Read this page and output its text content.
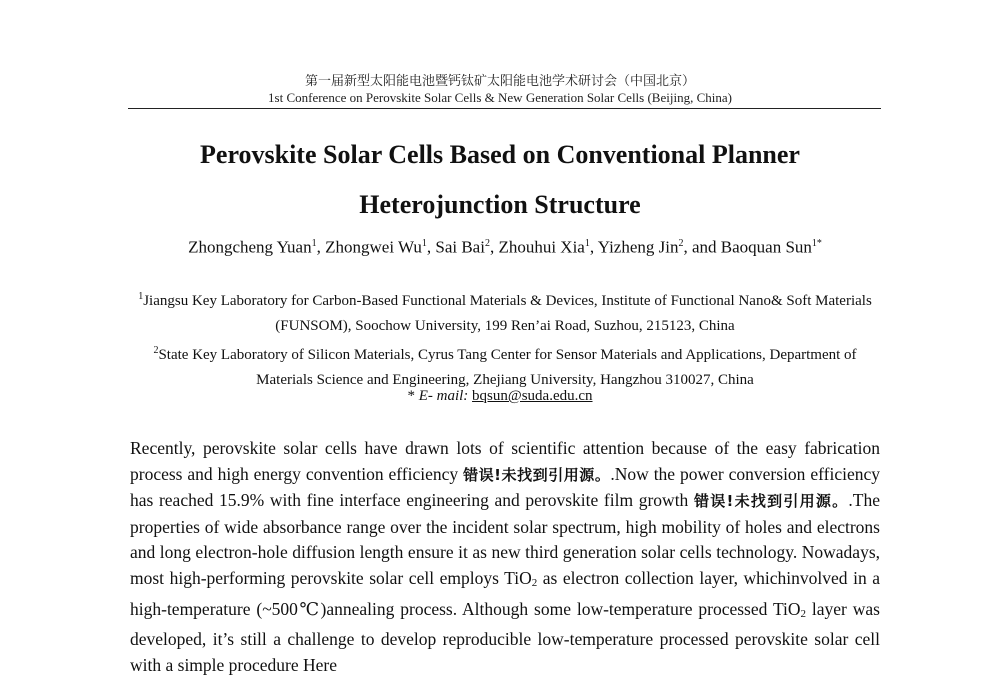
第一届新型太阳能电池暨钙钛矿太阳能电池学术研讨会（中国北京）
1st Conference on Perovskite Solar Cells & New Generation Solar Cells (Beijing, China)
Perovskite Solar Cells Based on Conventional Planner
Heterojunction Structure
Zhongcheng Yuan$^1$, Zhongwei Wu$^1$, Sai Bai$^2$, Zhouhui Xia$^1$, Yizheng Jin$^2$, and Baoquan Sun$^{1*}$
$^1$Jiangsu Key Laboratory for Carbon-Based Functional Materials & Devices, Institute of Functional Nano& Soft Materials (FUNSOM), Soochow University, 199 Ren’ai Road, Suzhou, 215123, China
$^2$State Key Laboratory of Silicon Materials, Cyrus Tang Center for Sensor Materials and Applications, Department of Materials Science and Engineering, Zhejiang University, Hangzhou 310027, China
* E- mail: bqsun@suda.edu.cn
Recently, perovskite solar cells have drawn lots of scientific attention because of the easy fabrication process and high energy convention efficiency 错误!未找到引用源。.Now the power conversion efficiency has reached 15.9% with fine interface engineering and perovskite film growth 错误!未找到引用源。.The properties of wide absorbance range over the incident solar spectrum, high mobility of holes and electrons and long electron-hole diffusion length ensure it as new third generation solar cells technology. Nowadays, most high-performing perovskite solar cell employs TiO$_2$ as electron collection layer, whichinvolved in a high-temperature (~500℃)annealing process. Although some low-temperature processed TiO$_2$ layer was developed, it’s still a challenge to develop reproducible low-temperature processed perovskite solar cell with a simple procedure Here
